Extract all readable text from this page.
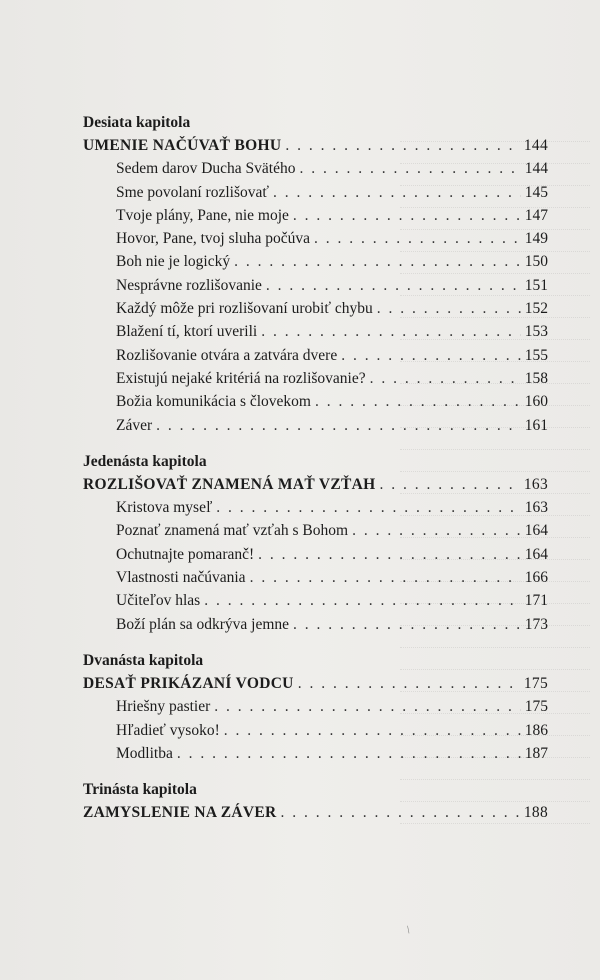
Desiata kapitola
UMENIE NAČÚVAŤ BOHU . . .	144
Sedem darov Ducha Svätého . . .	144
Sme povolaní rozlišovať . . .	145
Tvoje plány, Pane, nie moje . . .	147
Hovor, Pane, tvoj sluha počúva . . .	149
Boh nie je logický . . .	150
Nesprávne rozlišovanie . . .	151
Každý môže pri rozlišovaní urobiť chybu . . .	152
Blažení tí, ktorí uverili . . .	153
Rozlišovanie otvára a zatvára dvere . . .	155
Existujú nejaké kritériá na rozlišovanie? . . .	158
Božia komunikácia s človekom . . .	160
Záver . . .	161
Jedenásta kapitola
ROZLIŠOVAŤ ZNAMENÁ MAŤ VZŤAH . . .	163
Kristova myseľ . . .	163
Poznať znamená mať vzťah s Bohom . . .	164
Ochutnajte pomaranč! . . .	164
Vlastnosti načúvania . . .	166
Učiteľov hlas . . .	171
Boží plán sa odkrýva jemne . . .	173
Dvanásta kapitola
DESAŤ PRIKÁZANÍ VODCU . . .	175
Hriešny pastier . . .	175
Hľadieť vysoko! . . .	186
Modlitba . . .	187
Trinásta kapitola
ZAMYSLENIE NA ZÁVER . . .	188
/
